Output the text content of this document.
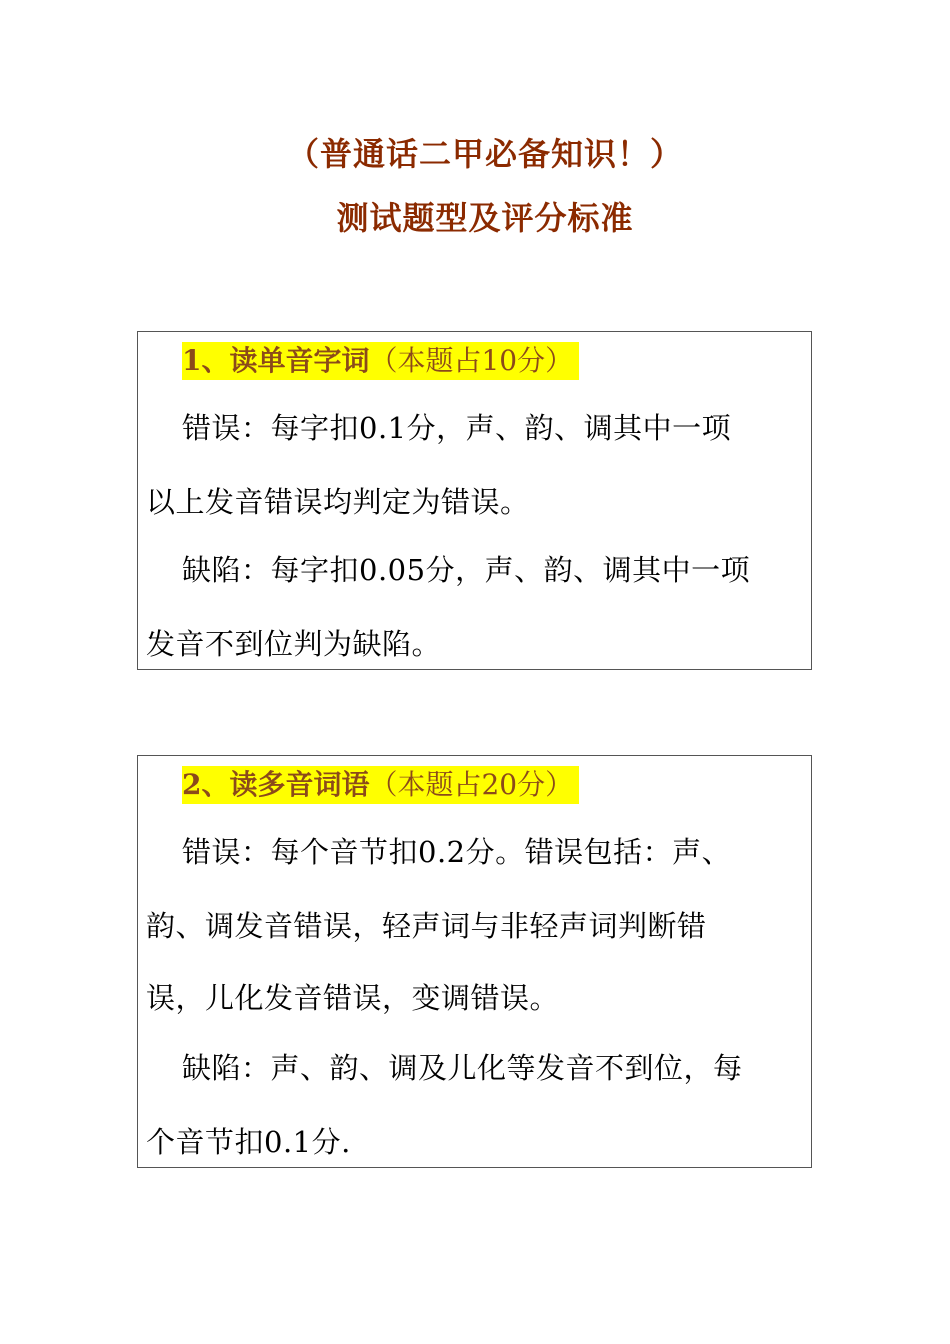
（普通话二甲必备知识！）
测试题型及评分标准
1、读单音字词（本题占10分）
错误：每字扣0.1分，声、韵、调其中一项
以上发音错误均判定为错误。
缺陷：每字扣0.05分，声、韵、调其中一项
发音不到位判为缺陷。
2、读多音词语（本题占20分）
错误：每个音节扣0.2分。错误包括：声、
韵、调发音错误，轻声词与非轻声词判断错
误，儿化发音错误，变调错误。
缺陷：声、韵、调及儿化等发音不到位，每
个音节扣0.1分.
